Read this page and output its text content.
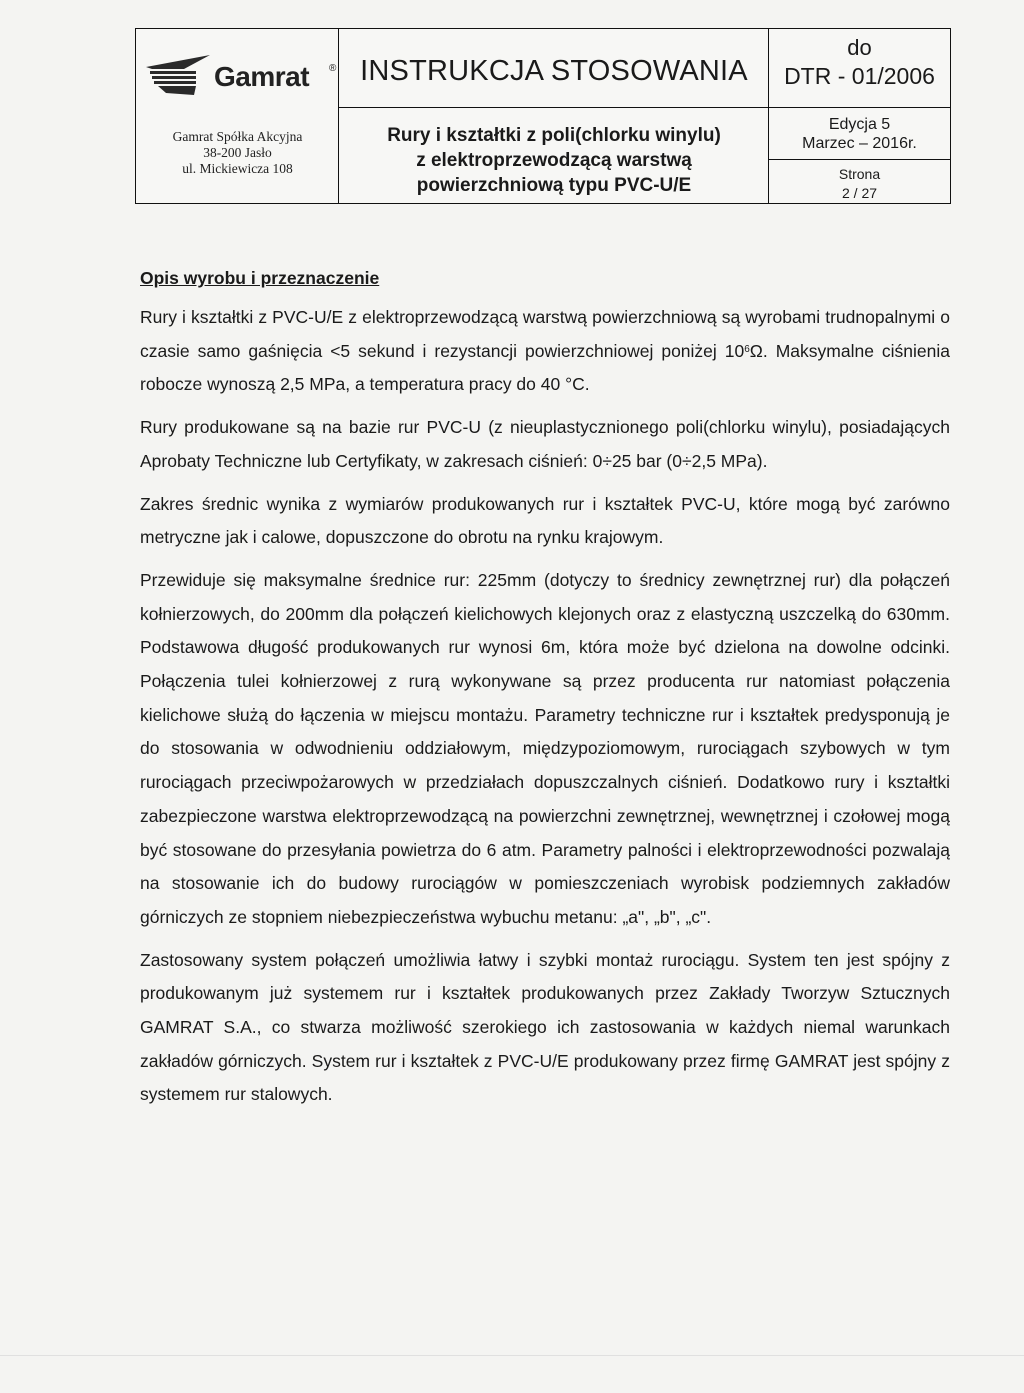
Gamrat ®
Gamrat Spółka Akcyjna
38-200 Jasło
ul. Mickiewicza 108
INSTRUKCJA STOSOWANIA
Rury i kształtki z poli(chlorku winylu)
z elektroprzewodzącą warstwą
powierzchniową typu PVC-U/E
do
DTR - 01/2006
Edycja 5
Marzec – 2016r.
Strona
2 / 27
Opis wyrobu i przeznaczenie

Rury i kształtki z PVC-U/E z elektroprzewodzącą warstwą powierzchniową są wyrobami trudnopalnymi o czasie samo gaśnięcia <5 sekund i rezystancji powierzchniowej poniżej $10^6\Omega$. Maksymalne ciśnienia robocze wynoszą 2,5 MPa, a temperatura pracy do 40 °C.

Rury produkowane są na bazie rur PVC-U (z nieuplastycznionego poli(chlorku winylu), posiadających Aprobaty Techniczne lub Certyfikaty, w zakresach ciśnień: 0÷25 bar (0÷2,5 MPa).

Zakres średnic wynika z wymiarów produkowanych rur i kształtek PVC-U, które mogą być zarówno metryczne jak i calowe, dopuszczone do obrotu na rynku krajowym.

Przewiduje się maksymalne średnice rur: 225mm (dotyczy to średnicy zewnętrznej rur) dla połączeń kołnierzowych, do 200mm dla połączeń kielichowych klejonych oraz z elastyczną uszczelką do 630mm. Podstawowa długość produkowanych rur wynosi 6m, która może być dzielona na dowolne odcinki. Połączenia tulei kołnierzowej z rurą wykonywane są przez producenta rur natomiast połączenia kielichowe służą do łączenia w miejscu montażu. Parametry techniczne rur i kształtek predysponują je do stosowania w odwodnieniu oddziałowym, międzypoziomowym, rurociągach szybowych w tym rurociągach przeciwpożarowych w przedziałach dopuszczalnych ciśnień. Dodatkowo rury i kształtki zabezpieczone warstwa elektroprzewodzącą na powierzchni zewnętrznej, wewnętrznej i czołowej mogą być stosowane do przesyłania powietrza do 6 atm. Parametry palności i elektroprzewodności pozwalają na stosowanie ich do budowy rurociągów w pomieszczeniach wyrobisk podziemnych zakładów górniczych ze stopniem niebezpieczeństwa wybuchu metanu: „a", „b", „c".

Zastosowany system połączeń umożliwia łatwy i szybki montaż rurociągu. System ten jest spójny z produkowanym już systemem rur i kształtek produkowanych przez Zakłady Tworzyw Sztucznych GAMRAT S.A., co stwarza możliwość szerokiego ich zastosowania w każdych niemal warunkach zakładów górniczych. System rur i kształtek z PVC-U/E produkowany przez firmę GAMRAT jest spójny z systemem rur stalowych.
